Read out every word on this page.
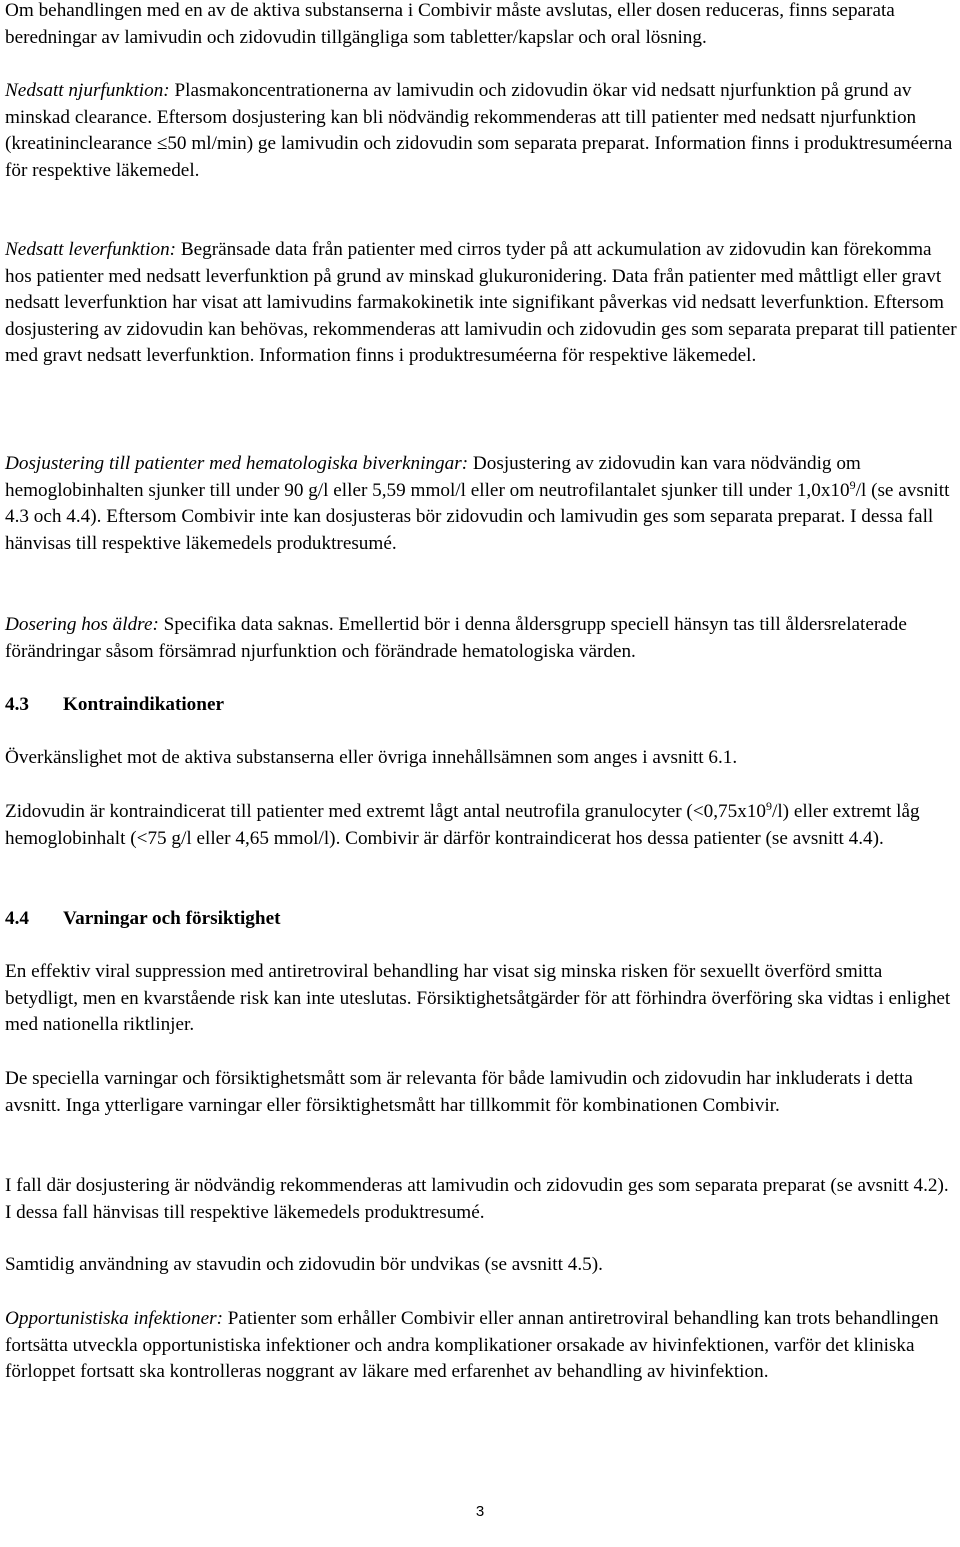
Om behandlingen med en av de aktiva substanserna i Combivir måste avslutas, eller dosen reduceras, finns separata beredningar av lamivudin och zidovudin tillgängliga som tabletter/kapslar och oral lösning.

Nedsatt njurfunktion: Plasmakoncentrationerna av lamivudin och zidovudin ökar vid nedsatt njurfunktion på grund av minskad clearance. Eftersom dosjustering kan bli nödvändig rekommenderas att till patienter med nedsatt njurfunktion (kreatininclearance ≤50 ml/min) ge lamivudin och zidovudin som separata preparat. Information finns i produktresuméerna för respektive läkemedel.

Nedsatt leverfunktion: Begränsade data från patienter med cirros tyder på att ackumulation av zidovudin kan förekomma hos patienter med nedsatt leverfunktion på grund av minskad glukuronidering. Data från patienter med måttligt eller gravt nedsatt leverfunktion har visat att lamivudins farmakokinetik inte signifikant påverkas vid nedsatt leverfunktion. Eftersom dosjustering av zidovudin kan behövas, rekommenderas att lamivudin och zidovudin ges som separata preparat till patienter med gravt nedsatt leverfunktion. Information finns i produktresuméerna för respektive läkemedel.

Dosjustering till patienter med hematologiska biverkningar: Dosjustering av zidovudin kan vara nödvändig om hemoglobinhalten sjunker till under 90 g/l eller 5,59 mmol/l eller om neutrofilantalet sjunker till under $1,0x10^9/l$ (se avsnitt 4.3 och 4.4). Eftersom Combivir inte kan dosjusteras bör zidovudin och lamivudin ges som separata preparat. I dessa fall hänvisas till respektive läkemedels produktresumé.

Dosering hos äldre: Specifika data saknas. Emellertid bör i denna åldersgrupp speciell hänsyn tas till åldersrelaterade förändringar såsom försämrad njurfunktion och förändrade hematologiska värden.

4.3 Kontraindikationer

Överkänslighet mot de aktiva substanserna eller övriga innehållsämnen som anges i avsnitt 6.1.

Zidovudin är kontraindicerat till patienter med extremt lågt antal neutrofila granulocyter $(<0,75x10^9/l)$ eller extremt låg hemoglobinhalt (<75 g/l eller 4,65 mmol/l). Combivir är därför kontraindicerat hos dessa patienter (se avsnitt 4.4).

4.4 Varningar och försiktighet

En effektiv viral suppression med antiretroviral behandling har visat sig minska risken för sexuellt överförd smitta betydligt, men en kvarstående risk kan inte uteslutas. Försiktighetsåtgärder för att förhindra överföring ska vidtas i enlighet med nationella riktlinjer.

De speciella varningar och försiktighetsmått som är relevanta för både lamivudin och zidovudin har inkluderats i detta avsnitt. Inga ytterligare varningar eller försiktighetsmått har tillkommit för kombinationen Combivir.

I fall där dosjustering är nödvändig rekommenderas att lamivudin och zidovudin ges som separata preparat (se avsnitt 4.2). I dessa fall hänvisas till respektive läkemedels produktresumé.

Samtidig användning av stavudin och zidovudin bör undvikas (se avsnitt 4.5).

Opportunistiska infektioner: Patienter som erhåller Combivir eller annan antiretroviral behandling kan trots behandlingen fortsätta utveckla opportunistiska infektioner och andra komplikationer orsakade av hivinfektionen, varför det kliniska förloppet fortsatt ska kontrolleras noggrant av läkare med erfarenhet av behandling av hivinfektion.

3
